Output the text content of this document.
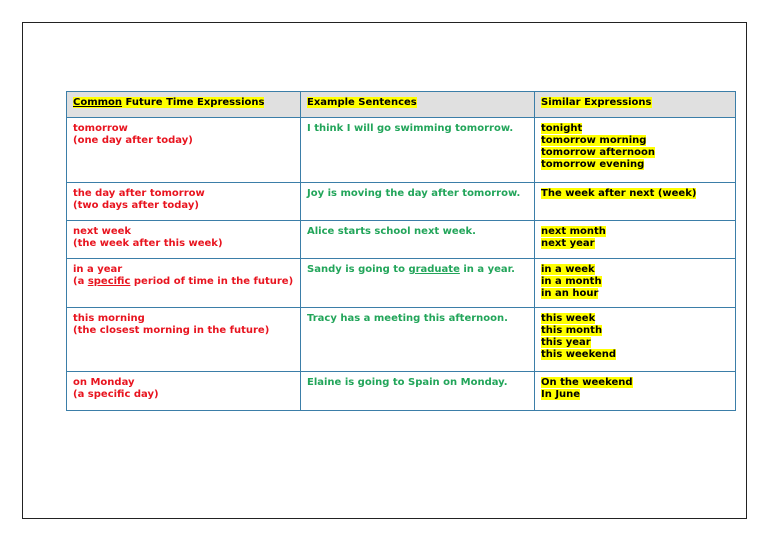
Common Future Time Expressions	Example Sentences	Similar Expressions

tomorrow
(one day after today)	I think I will go swimming tomorrow.	tonight
tomorrow morning
tomorrow afternoon
tomorrow evening

the day after tomorrow
(two days after today)	Joy is moving the day after tomorrow.	The week after next (week)

next week
(the week after this week)	Alice starts school next week.	next month
next year

in a year
(a specific period of time in the future)	Sandy is going to graduate in a year.	in a week
in a month
in an hour

this morning
(the closest morning in the future)	Tracy has a meeting this afternoon.	this week
this month
this year
this weekend

on Monday
(a specific day)	Elaine is going to Spain on Monday.	On the weekend
In June
